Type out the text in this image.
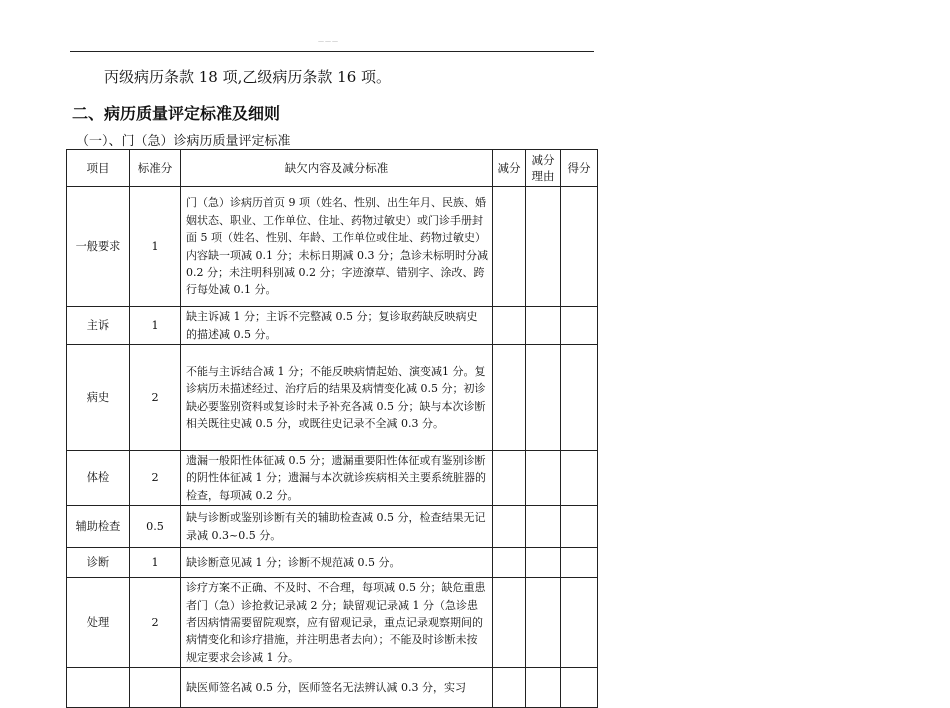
———
丙级病历条款 18 项,乙级病历条款 16 项。
二、病历质量评定标准及细则
（一）、门（急）诊病历质量评定标准
项目	标准分	缺欠内容及减分标准	减分	减分理由	得分
一般要求	1	门（急）诊病历首页 9 项（姓名、性别、出生年月、民族、婚姻状态、职业、工作单位、住址、药物过敏史）或门诊手册封面 5 项（姓名、性别、年龄、工作单位或住址、药物过敏史）内容缺一项减 0.1 分；未标日期减 0.3 分；急诊未标明时分减 0.2 分；未注明科别减 0.2 分；字迹潦草、错别字、涂改、跨行每处减 0.1 分。			
主诉	1	缺主诉减 1 分；主诉不完整减 0.5 分；复诊取药缺反映病史的描述减 0.5 分。			
病史	2	不能与主诉结合减 1 分；不能反映病情起始、演变减1 分。复诊病历未描述经过、治疗后的结果及病情变化减 0.5 分；初诊缺必要鉴别资料或复诊时未予补充各减 0.5 分；缺与本次诊断相关既往史减 0.5 分，或既往史记录不全减 0.3 分。			
体检	2	遗漏一般阳性体征减 0.5 分；遗漏重要阳性体征或有鉴别诊断的阴性体征减 1 分；遗漏与本次就诊疾病相关主要系统脏器的检查，每项减 0.2 分。			
辅助检查	0.5	缺与诊断或鉴别诊断有关的辅助检查减 0.5 分，检查结果无记录减 0.3~0.5 分。			
诊断	1	缺诊断意见减 1 分；诊断不规范减 0.5 分。			
处理	2	诊疗方案不正确、不及时、不合理，每项减 0.5 分；缺危重患者门（急）诊抢救记录减 2 分；缺留观记录减 1 分（急诊患者因病情需要留院观察，应有留观记录，重点记录观察期间的病情变化和诊疗措施，并注明患者去向）；不能及时诊断未按规定要求会诊减 1 分。			
		缺医师签名减 0.5 分，医师签名无法辨认减 0.3 分，实习			
